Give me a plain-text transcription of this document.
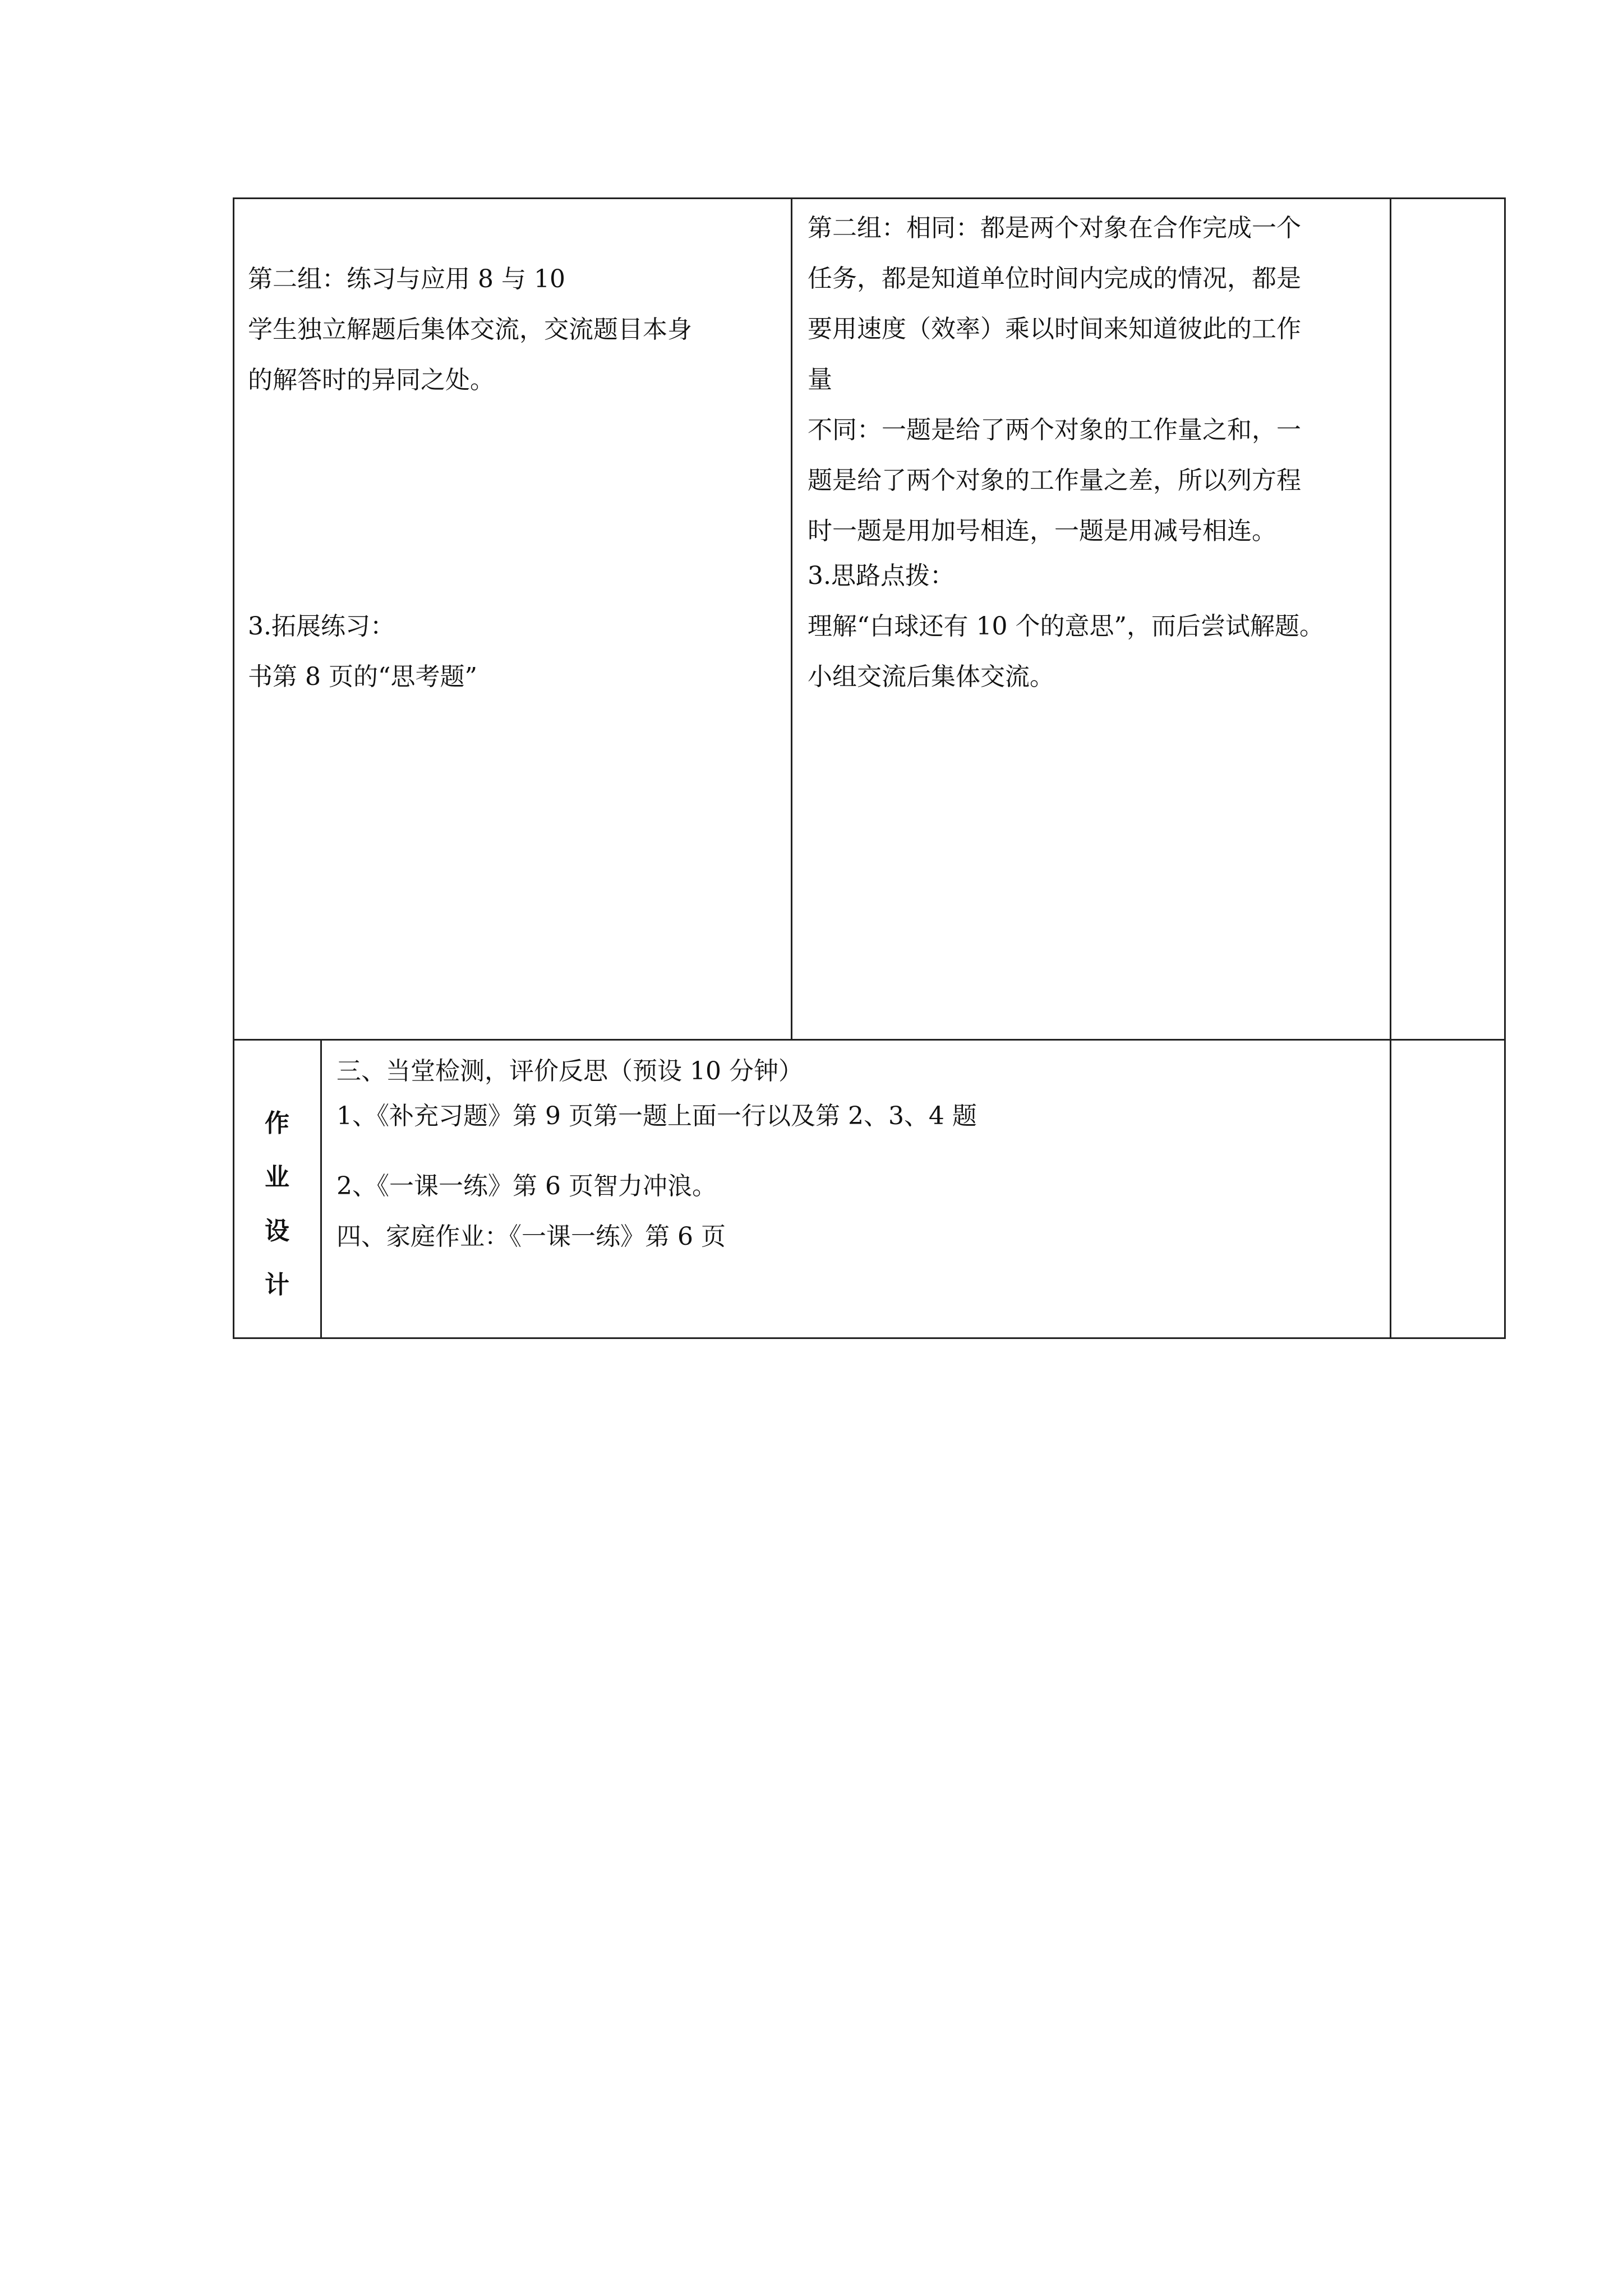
第二组：练习与应用 8 与 10
学生独立解题后集体交流，交流题目本身
的解答时的异同之处。
3.拓展练习：
书第 8 页的“思考题”
第二组：相同：都是两个对象在合作完成一个
任务，都是知道单位时间内完成的情况，都是
要用速度（效率）乘以时间来知道彼此的工作
量
不同：一题是给了两个对象的工作量之和，一
题是给了两个对象的工作量之差，所以列方程
时一题是用加号相连，一题是用减号相连。
3.思路点拨：
理解“白球还有 10 个的意思”，而后尝试解题。
小组交流后集体交流。
作
业
设
计
三、当堂检测，评价反思（预设 10 分钟）
1、《补充习题》第 9 页第一题上面一行以及第 2、3、4 题
2、《一课一练》第 6 页智力冲浪。
四、家庭作业：《一课一练》第 6 页
